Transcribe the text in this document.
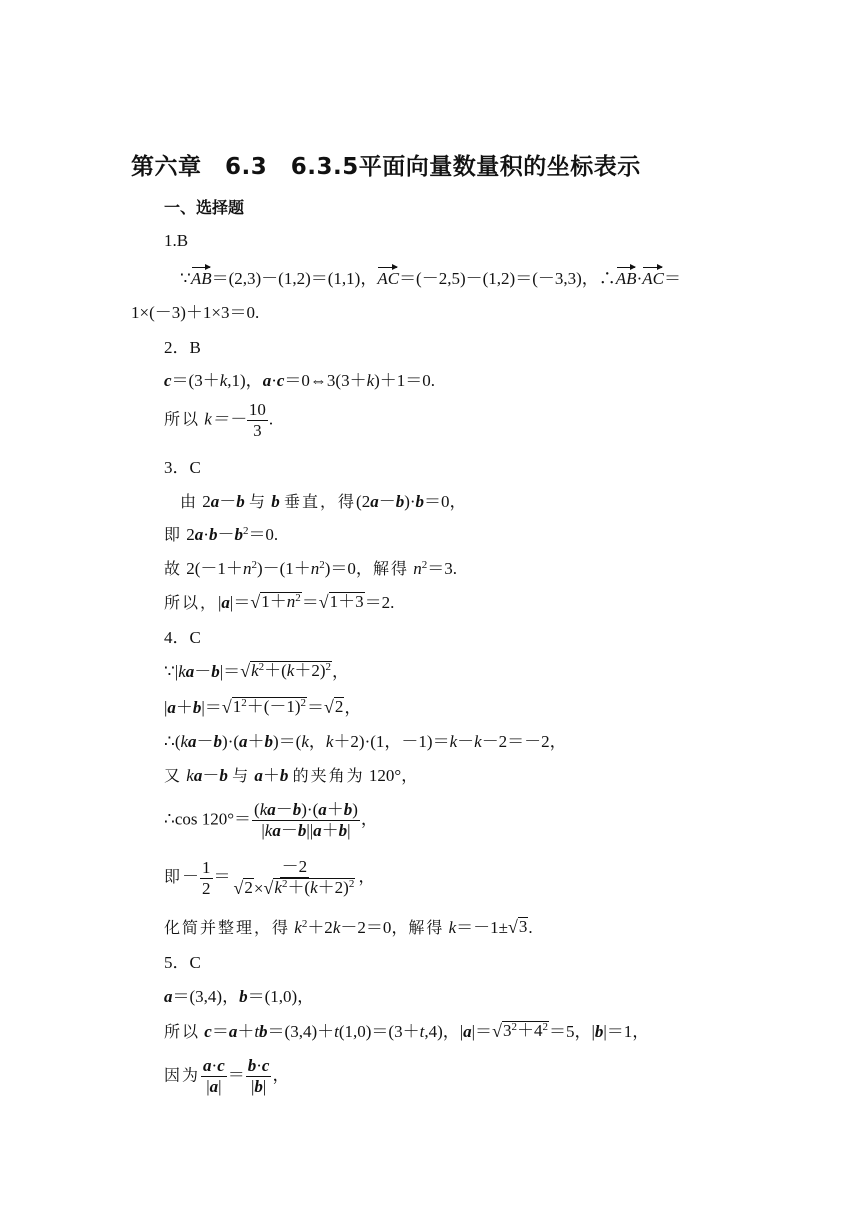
第六章　6.3　6.3.5平面向量数量积的坐标表示
一、选择题
1.B
∵AB＝(2,3)－(1,2)＝(1,1)，AC＝(－2,5)－(1,2)＝(－3,3)，∴AB·AC＝
1×(－3)＋1×3＝0.
2．B
c＝(3＋k,1)，a·c＝0⇔3(3＋k)＋1＝0.
所以 $k=- \frac{10}{3}$ .
3．C
由 2a－b 与 b 垂直，得(2a－b)·b＝0，
即 $2a\cdot b-b^2=0$.
故 $2(-1+n^2)-(1+n^2)=0$，解得 $n^2=3$.
所以，|a|＝ √ $1+n^2$ ＝ √ 1＋3 ＝2.
4．C
∵|ka－b|＝ √ $k^2+(k+2)^2$ ，
|a＋b|＝ √ $1^2+(-1)^2$ ＝ √ 2 ，
∴(ka－b)·(a＋b)＝(k，k＋2)·(1，－1)＝k－k－2＝－2，
又 ka－b 与 a＋b 的夹角为 120°，
∴cos $120^\circ= \frac{(ka-b)\cdot(a+b)}{|ka-b||a+b|}$ ，
即－ $\frac{1}{2} = \frac{-2}{√ 2 \times √ k^2+(k+2)^2}$ ，
化简并整理，得 $k^2+2k-2=0$，解得 k＝－1± √ 3 .
5．C
a＝(3,4)，b＝(1,0)，
所以 c＝a＋tb＝(3,4)＋t(1,0)＝(3＋t,4)，|a|＝ √ $3^2+4^2 =5$，|b|＝1，
因为 $\frac{a\cdot c}{|a|} = \frac{b\cdot c}{|b|}$ ，
